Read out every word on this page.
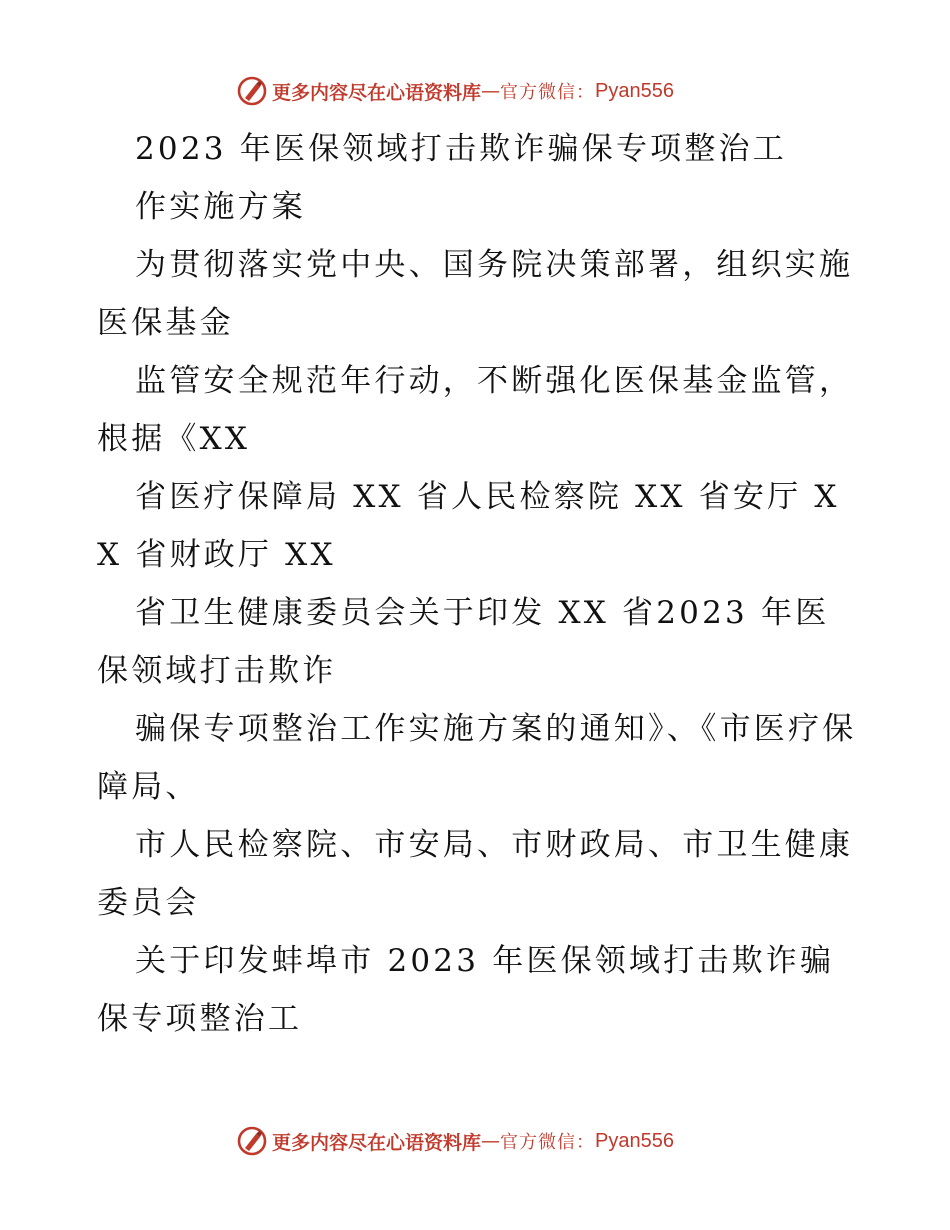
更多内容尽在心语资料库 — 官方微信： Pyan556

2023 年医保领域打击欺诈骗保专项整治工

作实施方案

为贯彻落实党中央、国务院决策部署，组织实施医保基金

监管安全规范年行动，不断强化医保基金监管，根据《XX

省医疗保障局 XX 省人民检察院 XX 省安厅 XX 省财政厅 XX

省卫生健康委员会关于印发 XX 省2023 年医保领域打击欺诈

骗保专项整治工作实施方案的通知》、《市医疗保障局、

市人民检察院、市安局、市财政局、市卫生健康委员会

关于印发蚌埠市 2023 年医保领域打击欺诈骗保专项整治工

更多内容尽在心语资料库 — 官方微信： Pyan556
